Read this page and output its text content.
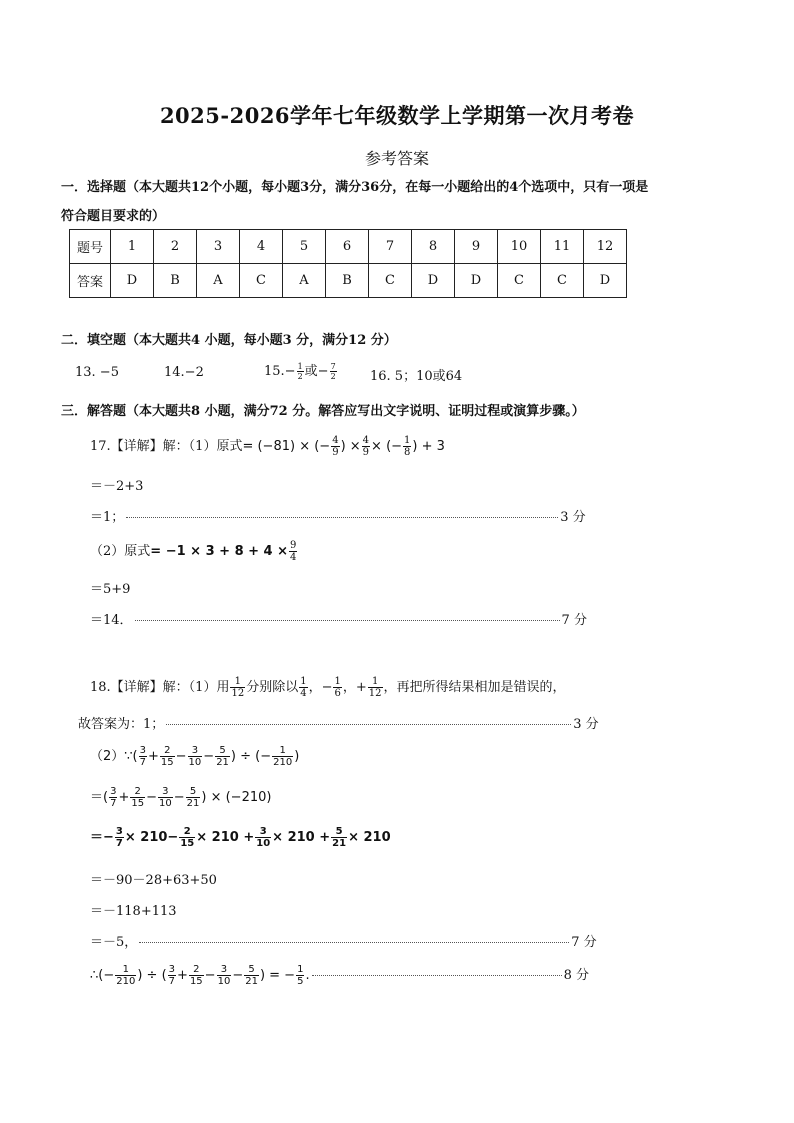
2025-2026学年七年级数学上学期第一次月考卷
参考答案
一．选择题（本大题共12个小题，每小题3分，满分36分，在每一小题给出的4个选项中，只有一项是
符合题目要求的）
题号	1	2	3	4	5	6	7	8	9	10	11	12
答案	D	B	A	C	A	B	C	D	D	C	C	D
二．填空题（本大题共4 小题，每小题3 分，满分12 分）
13. −5	14.−2	$15.- \frac{1}{2}$ 或− $\frac{7}{2}$	16. 5；10或64
三．解答题（本大题共8 小题，满分72 分。解答应写出文字说明、证明过程或演算步骤。）
17.【详解】解：（1）原式= (−81) × (− $\frac{4}{9}$ ) × $\frac{4}{9}$ × (− $\frac{1}{8}$ ) + 3
＝－2+3
＝1；	3 分
（2）原式= $-1 \times 3 + 8 + 4 \times \frac{9}{4}$
＝5+9
＝14．	7 分
18.【详解】解：（1）用 $\frac{1}{12}$ 分别除以 $\frac{1}{4}$ ，− $\frac{1}{6}$ ，+ $\frac{1}{12}$ ，再把所得结果相加是错误的，
故答案为：1；	3 分
（2）∵( $\frac{3}{7} + \frac{2}{15} - \frac{3}{10} - \frac{5}{21}$ ) ÷ (− $\frac{1}{210}$ )
＝( $\frac{3}{7} + \frac{2}{15} - \frac{3}{10} - \frac{5}{21}$ ) × (−210)
＝− $\frac{3}{7} \times 210- \frac{2}{15} \times 210 + \frac{3}{10} \times 210 + \frac{5}{21} \times 210$
＝－90－28+63+50
＝－118+113
＝－5，	7 分
∴(− $\frac{1}{210}$ ) ÷ ( $\frac{3}{7} + \frac{2}{15} - \frac{3}{10} - \frac{5}{21}$ ) = − $\frac{1}{5}$ .	8 分
